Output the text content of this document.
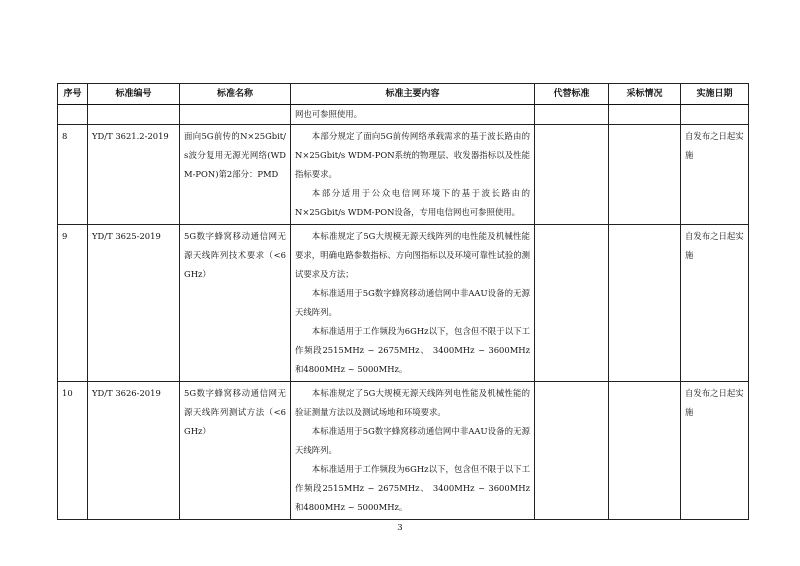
序号	标准编号	标准名称	标准主要内容	代替标准	采标情况	实施日期

			网也可参照使用。			

8	YD/T 3621.2-2019	面向5G前传的N×25Gbit/s波分复用无源光网络(WDM-PON)第2部分：PMD	本部分规定了面向5G前传网络承载需求的基于波长路由的N×25Gbit/s WDM-PON系统的物理层、收发器指标以及性能指标要求。

本部分适用于公众电信网环境下的基于波长路由的N×25Gbit/s WDM-PON设备，专用电信网也可参照使用。			自发布之日起实施
9	YD/T 3625-2019	5G数字蜂窝移动通信网无源天线阵列技术要求（<6GHz）	本标准规定了5G大规模无源天线阵列的电性能及机械性能要求，明确电路参数指标、方向图指标以及环境可靠性试验的测试要求及方法；

本标准适用于5G数字蜂窝移动通信网中非AAU设备的无源天线阵列。

本标准适用于工作频段为6GHz以下，包含但不限于以下工作频段2515MHz ~ 2675MHz、 3400MHz ~ 3600MHz和4800MHz ~ 5000MHz。			自发布之日起实施
10	YD/T 3626-2019	5G数字蜂窝移动通信网无源天线阵列测试方法（<6GHz）	本标准规定了5G大规模无源天线阵列电性能及机械性能的验证测量方法以及测试场地和环境要求。

本标准适用于5G数字蜂窝移动通信网中非AAU设备的无源天线阵列。

本标准适用于工作频段为6GHz以下，包含但不限于以下工作频段2515MHz ~ 2675MHz、 3400MHz ~ 3600MHz和4800MHz ~ 5000MHz。			自发布之日起实施
3
